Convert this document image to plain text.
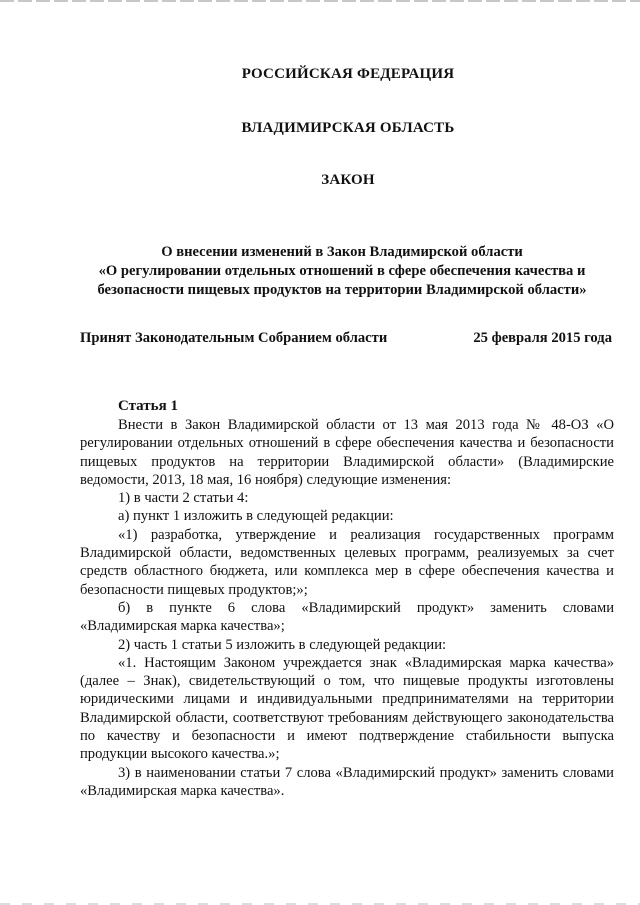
РОССИЙСКАЯ ФЕДЕРАЦИЯ
ВЛАДИМИРСКАЯ ОБЛАСТЬ
ЗАКОН
О внесении изменений в Закон Владимирской области
«О регулировании отдельных отношений в сфере обеспечения качества и
безопасности пищевых продуктов на территории Владимирской области»
Принят Законодательным Собранием области	25 февраля 2015 года
Статья 1

Внести в Закон Владимирской области от 13 мая 2013 года № 48-ОЗ «О регулировании отдельных отношений в сфере обеспечения качества и безопасности пищевых продуктов на территории Владимирской области» (Владимирские ведомости, 2013, 18 мая, 16 ноября) следующие изменения:

1) в части 2 статьи 4:

а) пункт 1 изложить в следующей редакции:

«1) разработка, утверждение и реализация государственных программ Владимирской области, ведомственных целевых программ, реализуемых за счет средств областного бюджета, или комплекса мер в сфере обеспечения качества и безопасности пищевых продуктов;»;

б) в пункте 6 слова «Владимирский продукт» заменить словами «Владимирская марка качества»;

2) часть 1 статьи 5 изложить в следующей редакции:

«1. Настоящим Законом учреждается знак «Владимирская марка качества» (далее – Знак), свидетельствующий о том, что пищевые продукты изготовлены юридическими лицами и индивидуальными предпринимателями на территории Владимирской области, соответствуют требованиям действующего законодательства по качеству и безопасности и имеют подтверждение стабильности выпуска продукции высокого качества.»;

3) в наименовании статьи 7 слова «Владимирский продукт» заменить словами «Владимирская марка качества».
